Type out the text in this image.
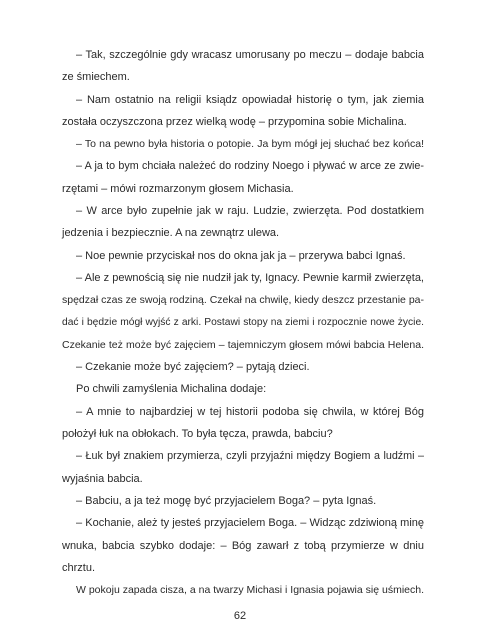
– Tak, szczególnie gdy wracasz umorusany po meczu – dodaje babcia
ze śmiechem.
– Nam ostatnio na religii ksiądz opowiadał historię o tym, jak ziemia
została oczyszczona przez wielką wodę – przypomina sobie Michalina.
– To na pewno była historia o potopie. Ja bym mógł jej słuchać bez końca!
– A ja to bym chciała należeć do rodziny Noego i pływać w arce ze zwie-
rzętami – mówi rozmarzonym głosem Michasia.
– W arce było zupełnie jak w raju. Ludzie, zwierzęta. Pod dostatkiem
jedzenia i bezpiecznie. A na zewnątrz ulewa.
– Noe pewnie przyciskał nos do okna jak ja – przerywa babci Ignaś.
– Ale z pewnością się nie nudził jak ty, Ignacy. Pewnie karmił zwierzęta,
spędzał czas ze swoją rodziną. Czekał na chwilę, kiedy deszcz przestanie pa-
dać i będzie mógł wyjść z arki. Postawi stopy na ziemi i rozpocznie nowe życie.
Czekanie też może być zajęciem – tajemniczym głosem mówi babcia Helena.
– Czekanie może być zajęciem? – pytają dzieci.
Po chwili zamyślenia Michalina dodaje:
– A mnie to najbardziej w tej historii podoba się chwila, w której Bóg
położył łuk na obłokach. To była tęcza, prawda, babciu?
– Łuk był znakiem przymierza, czyli przyjaźni między Bogiem a ludźmi –
wyjaśnia babcia.
– Babciu, a ja też mogę być przyjacielem Boga? – pyta Ignaś.
– Kochanie, ależ ty jesteś przyjacielem Boga. – Widząc zdziwioną minę
wnuka, babcia szybko dodaje: – Bóg zawarł z tobą przymierze w dniu
chrztu.
W pokoju zapada cisza, a na twarzy Michasi i Ignasia pojawia się uśmiech.
62
